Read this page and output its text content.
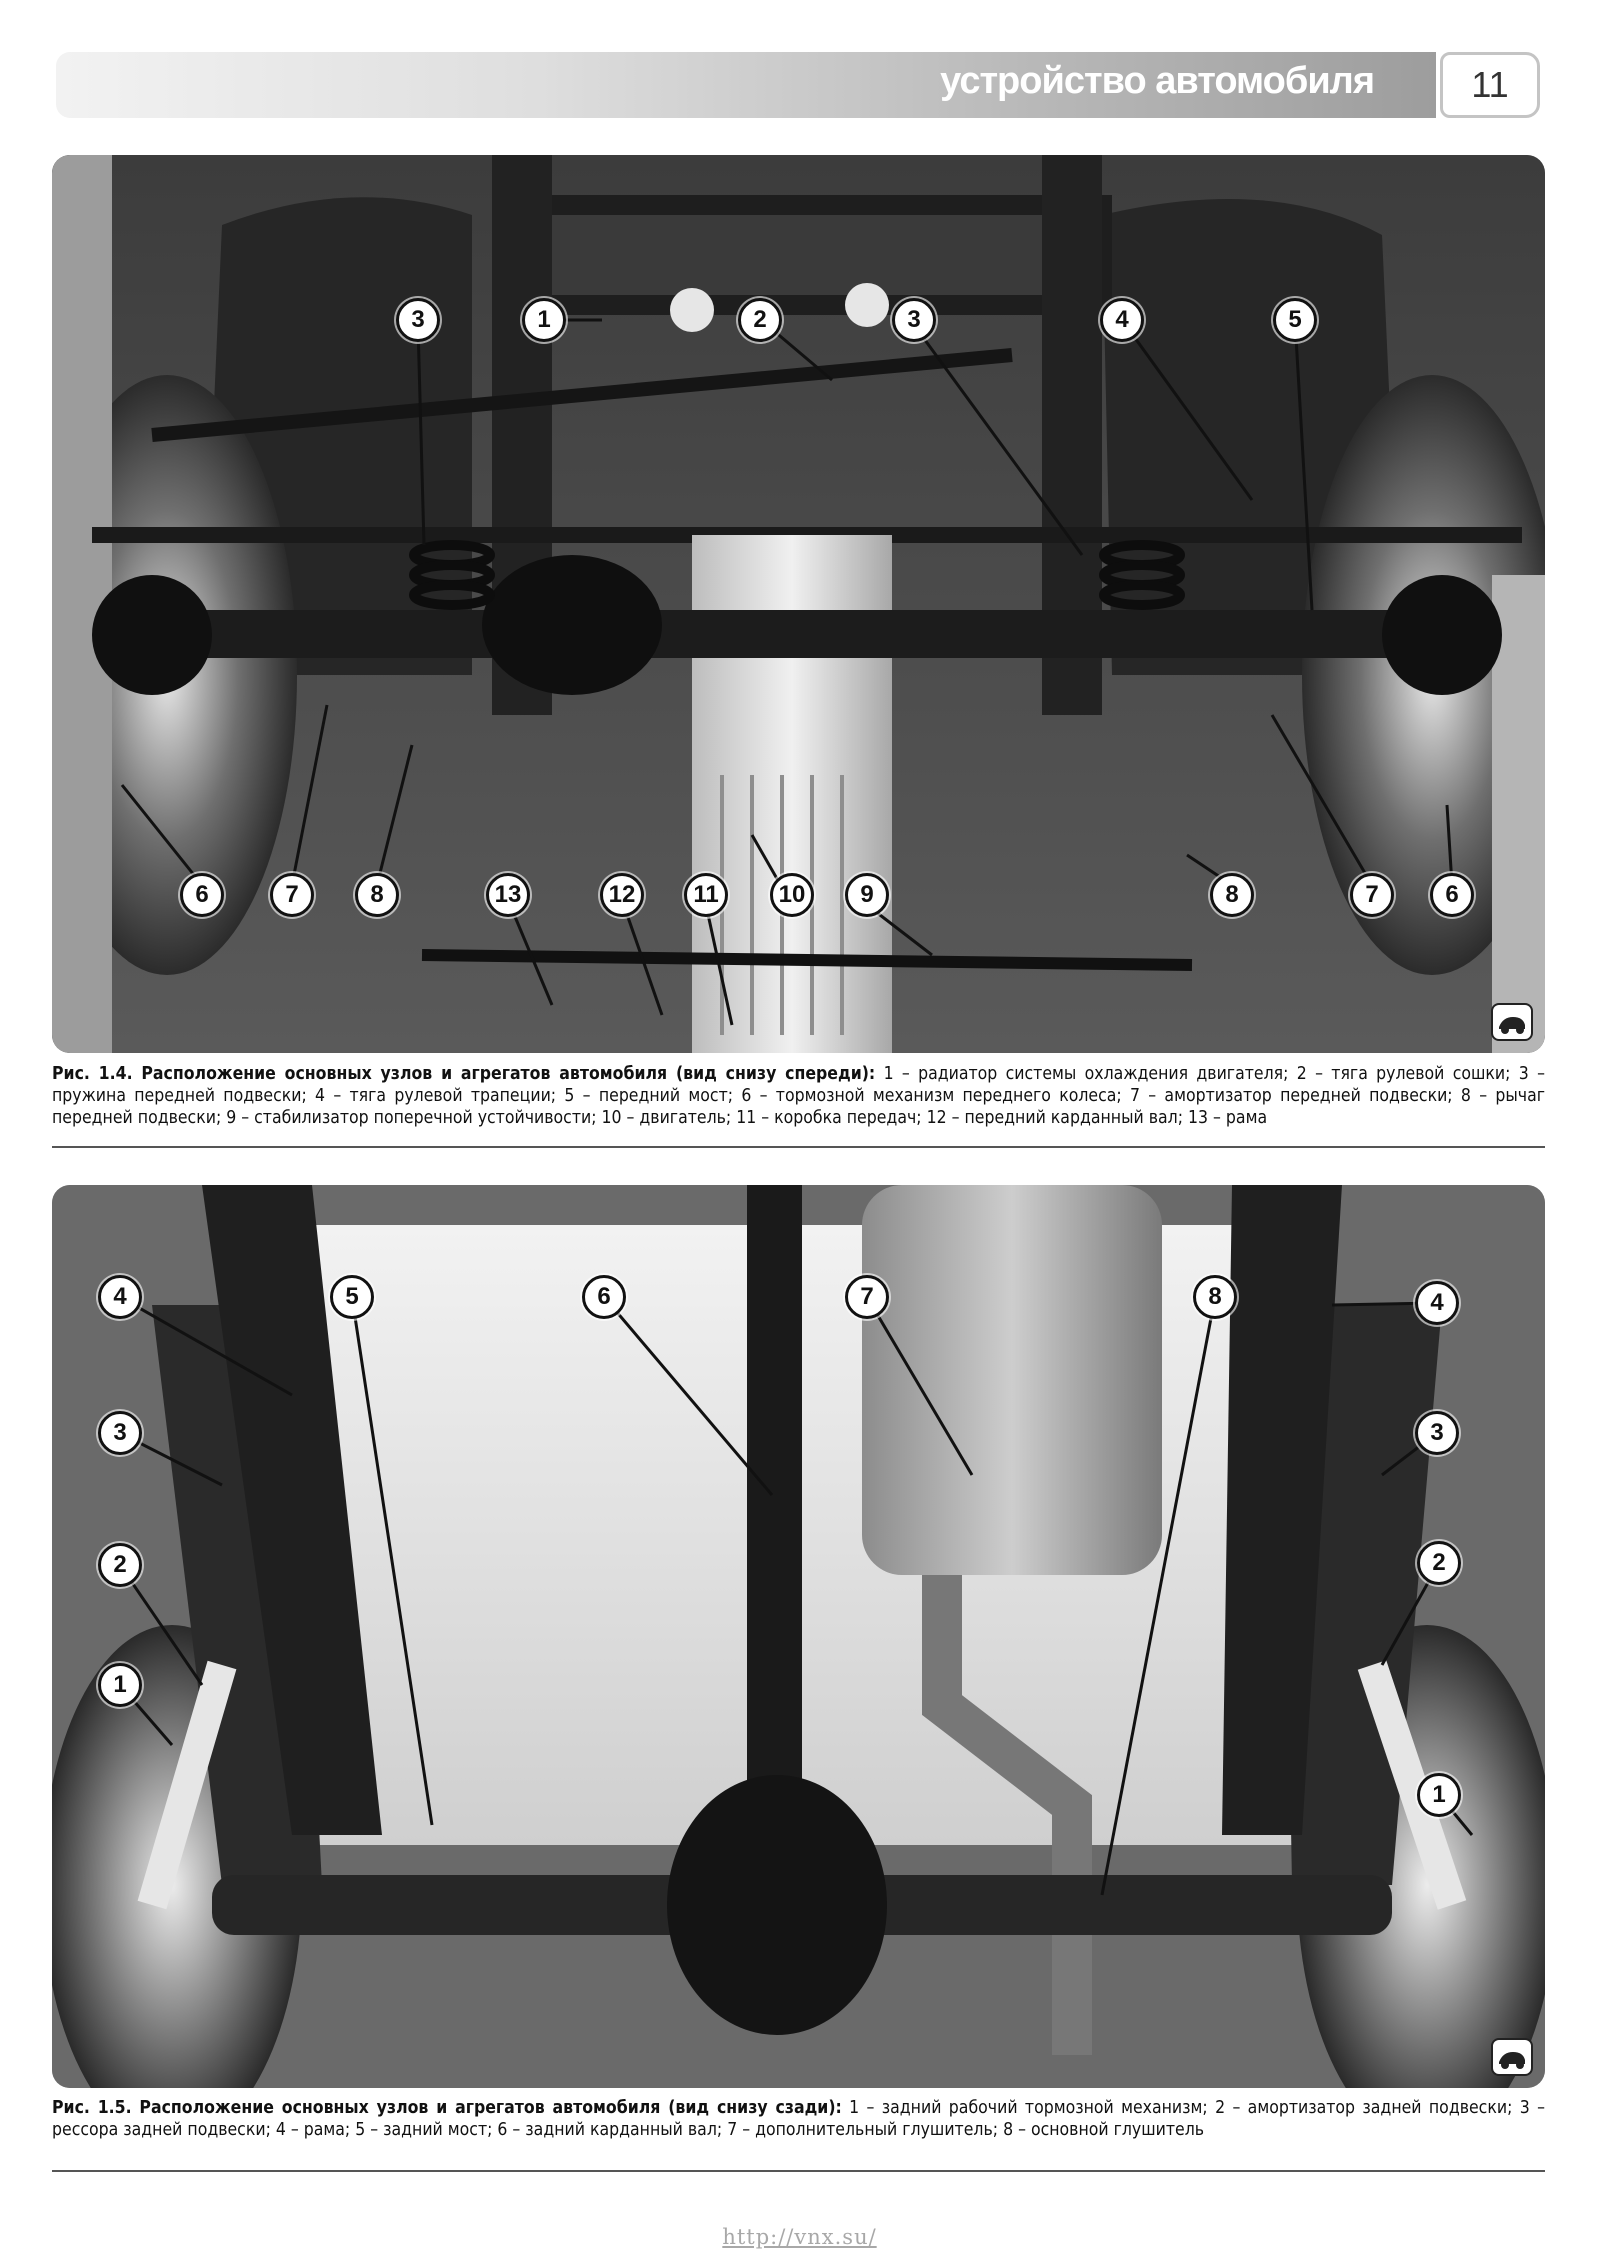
устройство автомобиля	11
3	1	2	3	4	5
6	7	8	13	12	11	10	9	8	7	6
Рис. 1.4. Расположение основных узлов и агрегатов автомобиля (вид снизу спереди): 1 – радиатор системы охлаждения двигателя; 2 – тяга рулевой сошки; 3 – пружина передней подвески; 4 – тяга рулевой трапеции; 5 – передний мост; 6 – тормозной механизм переднего колеса; 7 – амортизатор передней подвески; 8 – рычаг передней подвески; 9 – стабилизатор поперечной устойчивости; 10 – двигатель; 11 – коробка передач; 12 – передний карданный вал; 13 – рама
4	5	6	7	8	4
3	3
2	2
1
1
Рис. 1.5. Расположение основных узлов и агрегатов автомобиля (вид снизу сзади): 1 – задний рабочий тормозной механизм; 2 – амортизатор задней подвески; 3 – рессора задней подвески; 4 – рама; 5 – задний мост; 6 – задний карданный вал; 7 – дополнительный глушитель; 8 – основной глушитель
http://vnx.su/
